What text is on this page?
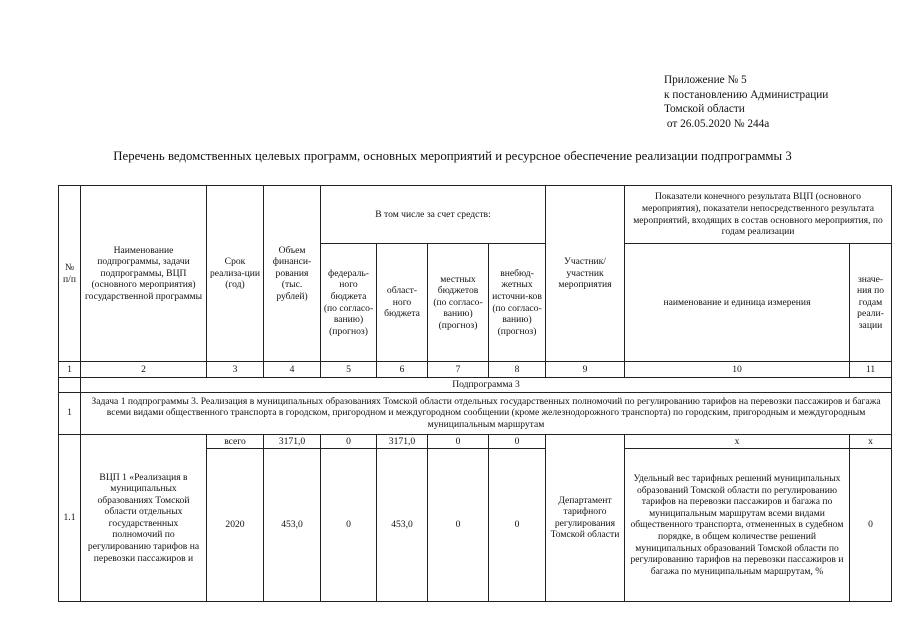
Приложение № 5
к постановлению Администрации
Томской области
от 26.05.2020 № 244а
Перечень ведомственных целевых программ, основных мероприятий и ресурсное обеспечение реализации подпрограммы 3
№ п/п	Наименование подпрограммы, задачи подпрограммы, ВЦП (основного мероприятия) государственной программы	Срок реализа-ции (год)	Объем финанси-рования (тыс. рублей)	В том числе за счет средств:				Участник/ участник мероприятия	Показатели конечного результата ВЦП (основного мероприятия), показатели непосредственного результата мероприятий, входящих в состав основного мероприятия, по годам реализации	
				федераль-ного бюджета (по согласо-ванию) (прогноз)	област-ного бюджета	местных бюджетов (по согласо-ванию) (прогноз)	внебюд-жетных источни-ков (по согласо-ванию) (прогноз)		наименование и единица измерения	значе-ния по годам реали-зации
1	2	3	4	5	6	7	8	9	10	11
	Подпрограмма 3									
1	Задача 1 подпрограммы 3. Реализация в муниципальных образованиях Томской области отдельных государственных полномочий по регулированию тарифов на перевозки пассажиров и багажа всеми видами общественного транспорта в городском, пригородном и междугородном сообщении (кроме железнодорожного транспорта) по городским, пригородным и междугородным муниципальным маршрутам									
1.1	ВЦП 1 «Реализация в муниципальных образованиях Томской области отдельных государственных полномочий по регулированию тарифов на перевозки пассажиров и	всего	3171,0	0	3171,0	0	0	Департамент тарифного регулирования Томской области	х	х
		2020	453,0	0	453,0	0	0		Удельный вес тарифных решений муниципальных образований Томской области по регулированию тарифов на перевозки пассажиров и багажа по муниципальным маршрутам всеми видами общественного транспорта, отмененных в судебном порядке, в общем количестве решений муниципальных образований Томской области по регулированию тарифов на перевозки пассажиров и багажа по муниципальным маршрутам, %	0
